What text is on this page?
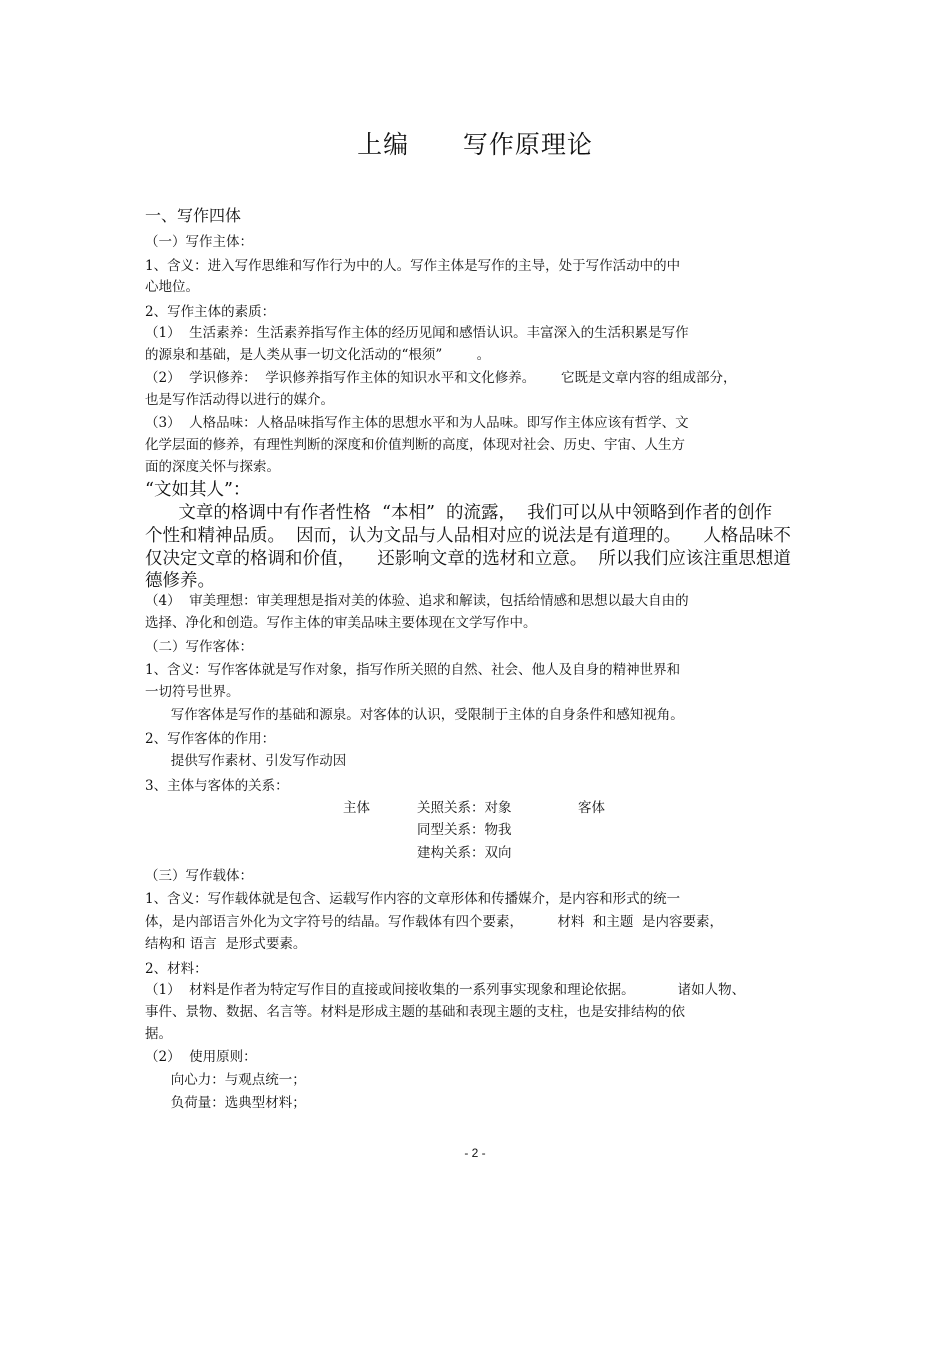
上编      写作原理论
一、写作四体
（一）写作主体：
1、含义：进入写作思维和写作行为中的人。写作主体是写作的主导，处于写作活动中的中
心地位。
2、写作主体的素质：
（1）  生活素养：生活素养指写作主体的经历见闻和感悟认识。丰富深入的生活积累是写作
的源泉和基础，是人类从事一切文化活动的“根须”        。
（2）  学识修养：  学识修养指写作主体的知识水平和文化修养。      它既是文章内容的组成部分，
也是写作活动得以进行的媒介。
（3）  人格品味：人格品味指写作主体的思想水平和为人品味。即写作主体应该有哲学、文
化学层面的修养，有理性判断的深度和价值判断的高度，体现对社会、历史、宇宙、人生方
面的深度关怀与探索。
“文如其人”：
文章的格调中有作者性格  “本相”  的流露，  我们可以从中领略到作者的创作
个性和精神品质。  因而，认为文品与人品相对应的说法是有道理的。    人格品味不
仅决定文章的格调和价值，    还影响文章的选材和立意。  所以我们应该注重思想道
德修养。
（4）  审美理想：审美理想是指对美的体验、追求和解读，包括给情感和思想以最大自由的
选择、净化和创造。写作主体的审美品味主要体现在文学写作中。
（二）写作客体：
1、含义：写作客体就是写作对象，指写作所关照的自然、社会、他人及自身的精神世界和
一切符号世界。
写作客体是写作的基础和源泉。对客体的认识，受限制于主体的自身条件和感知视角。
2、写作客体的作用：
提供写作素材、引发写作动因
3、主体与客体的关系：
主体	关照关系：对象	客体
同型关系：物我
建构关系：双向
（三）写作载体：
1、含义：写作载体就是包含、运载写作内容的文章形体和传播媒介，是内容和形式的统一
体，是内部语言外化为文字符号的结晶。写作载体有四个要素，        材料  和主题  是内容要素，
结构和 语言  是形式要素。
2、材料：
（1）  材料是作者为特定写作目的直接或间接收集的一系列事实现象和理论依据。          诸如人物、
事件、景物、数据、名言等。材料是形成主题的基础和表现主题的支柱，也是安排结构的依
据。
（2）  使用原则：
向心力：与观点统一；
负荷量：选典型材料；
- 2 -
